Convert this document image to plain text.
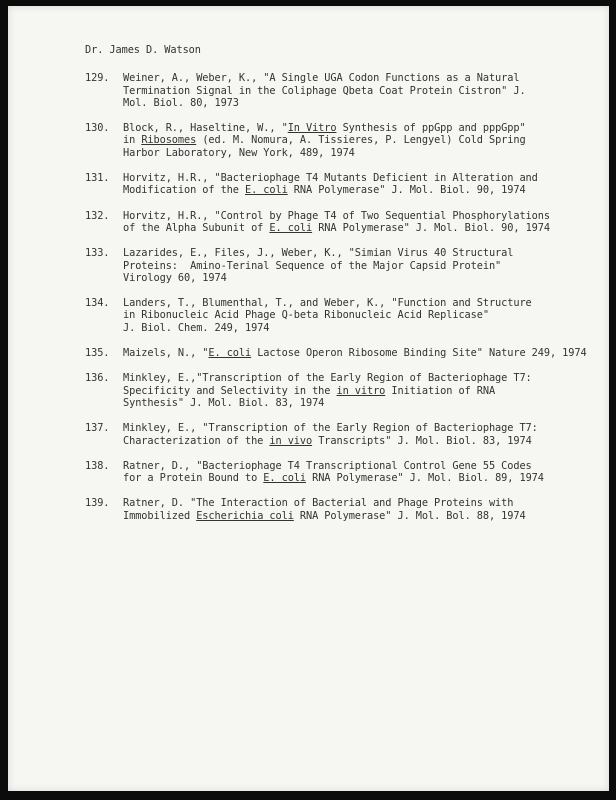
Dr. James D. Watson
129. Weiner, A., Weber, K., "A Single UGA Codon Functions as a Natural
Termination Signal in the Coliphage Qbeta Coat Protein Cistron" J.
Mol. Biol. 80, 1973
130. Block, R., Haseltine, W., "In Vitro Synthesis of ppGpp and pppGpp"
in Ribosomes (ed. M. Nomura, A. Tissieres, P. Lengyel) Cold Spring
Harbor Laboratory, New York, 489, 1974
131. Horvitz, H.R., "Bacteriophage T4 Mutants Deficient in Alteration and
Modification of the E. coli RNA Polymerase" J. Mol. Biol. 90, 1974
132. Horvitz, H.R., "Control by Phage T4 of Two Sequential Phosphorylations
of the Alpha Subunit of E. coli RNA Polymerase" J. Mol. Biol. 90, 1974
133. Lazarides, E., Files, J., Weber, K., "Simian Virus 40 Structural
Proteins:  Amino-Terinal Sequence of the Major Capsid Protein"
Virology 60, 1974
134. Landers, T., Blumenthal, T., and Weber, K., "Function and Structure
in Ribonucleic Acid Phage Q-beta Ribonucleic Acid Replicase"
J. Biol. Chem. 249, 1974
135. Maizels, N., "E. coli Lactose Operon Ribosome Binding Site" Nature 249, 1974
136. Minkley, E.,"Transcription of the Early Region of Bacteriophage T7:
Specificity and Selectivity in the in vitro Initiation of RNA
Synthesis" J. Mol. Biol. 83, 1974
137. Minkley, E., "Transcription of the Early Region of Bacteriophage T7:
Characterization of the in vivo Transcripts" J. Mol. Biol. 83, 1974
138. Ratner, D., "Bacteriophage T4 Transcriptional Control Gene 55 Codes
for a Protein Bound to E. coli RNA Polymerase" J. Mol. Biol. 89, 1974
139. Ratner, D. "The Interaction of Bacterial and Phage Proteins with
Immobilized Escherichia coli RNA Polymerase" J. Mol. Bol. 88, 1974
